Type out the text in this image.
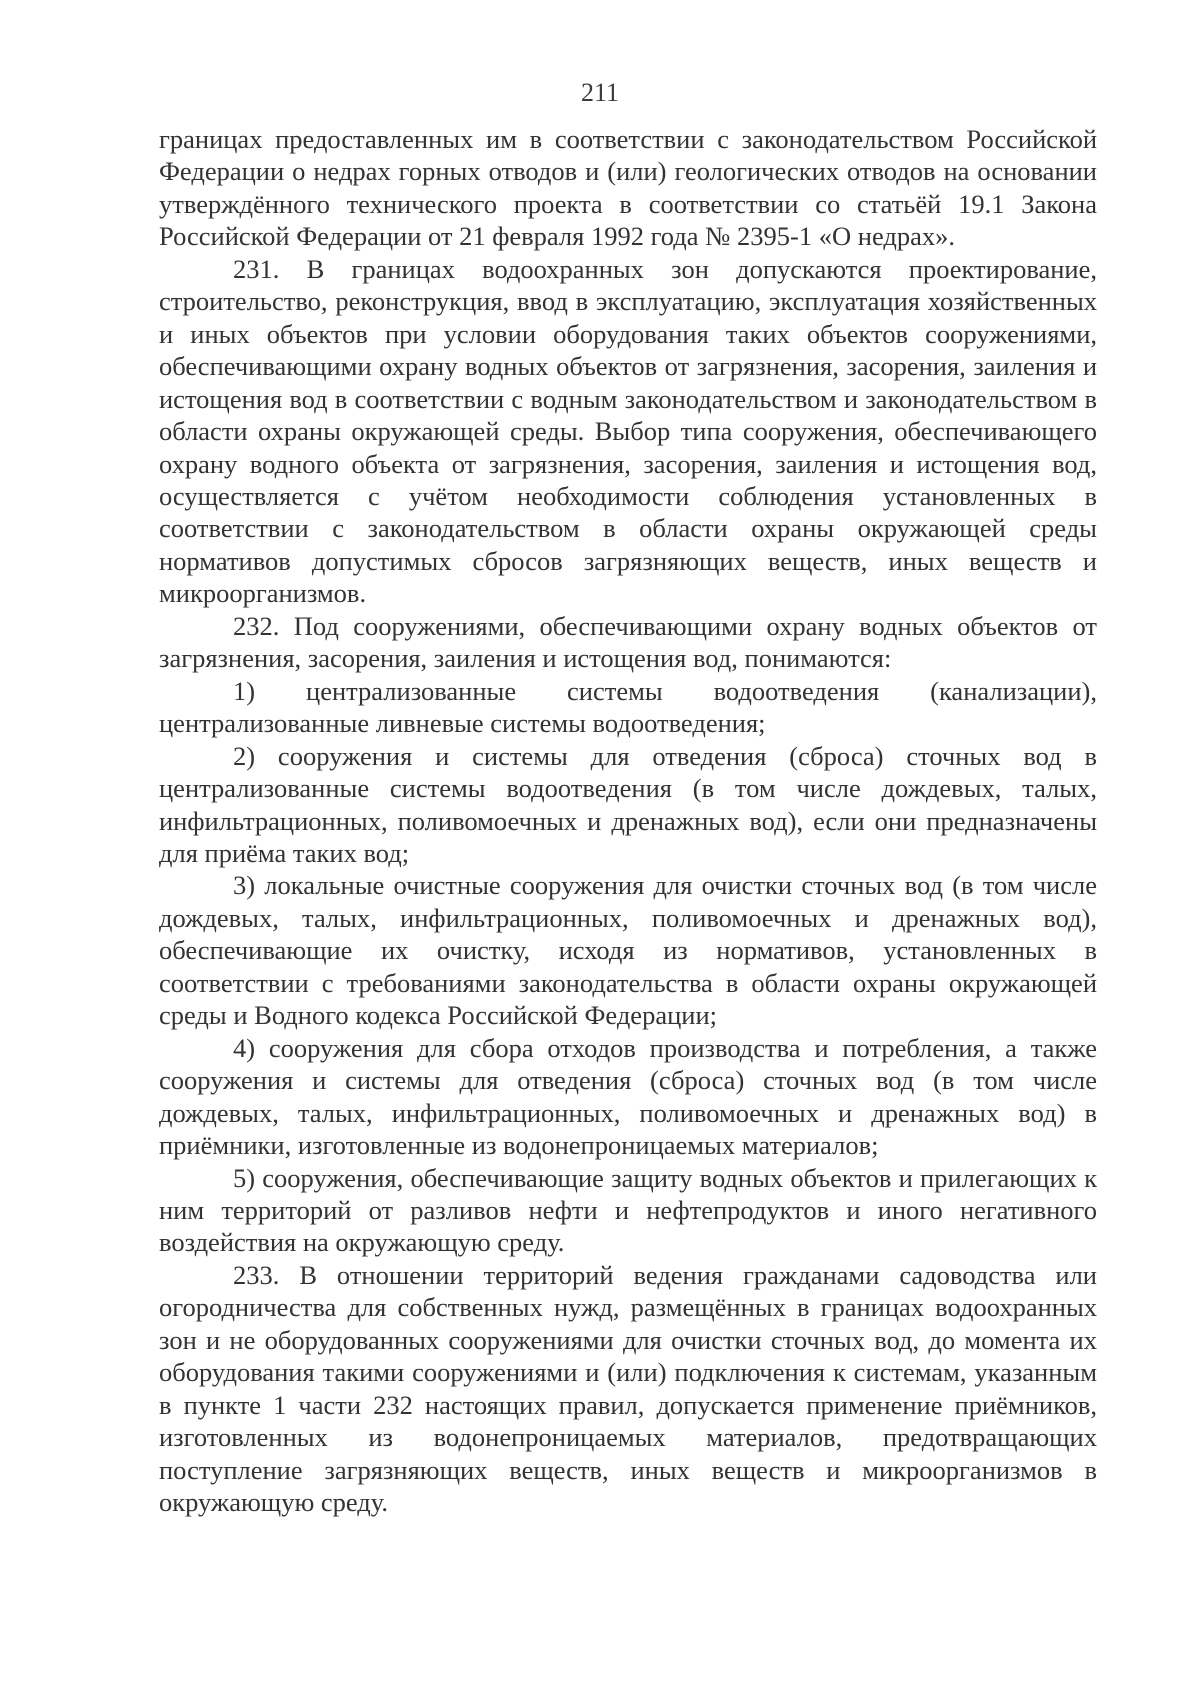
211

границах предоставленных им в соответствии с законодательством Российской Федерации о недрах горных отводов и (или) геологических отводов на основании утверждённого технического проекта в соответствии со статьёй 19.1 Закона Российской Федерации от 21 февраля 1992 года № 2395-1 «О недрах».

231. В границах водоохранных зон допускаются проектирование, строительство, реконструкция, ввод в эксплуатацию, эксплуатация хозяйственных и иных объектов при условии оборудования таких объектов сооружениями, обеспечивающими охрану водных объектов от загрязнения, засорения, заиления и истощения вод в соответствии с водным законодательством и законодательством в области охраны окружающей среды. Выбор типа сооружения, обеспечивающего охрану водного объекта от загрязнения, засорения, заиления и истощения вод, осуществляется с учётом необходимости соблюдения установленных в соответствии с законодательством в области охраны окружающей среды нормативов допустимых сбросов загрязняющих веществ, иных веществ и микроорганизмов.

232. Под сооружениями, обеспечивающими охрану водных объектов от загрязнения, засорения, заиления и истощения вод, понимаются:

1) централизованные системы водоотведения (канализации), централизованные ливневые системы водоотведения;

2) сооружения и системы для отведения (сброса) сточных вод в централизованные системы водоотведения (в том числе дождевых, талых, инфильтрационных, поливомоечных и дренажных вод), если они предназначены для приёма таких вод;

3) локальные очистные сооружения для очистки сточных вод (в том числе дождевых, талых, инфильтрационных, поливомоечных и дренажных вод), обеспечивающие их очистку, исходя из нормативов, установленных в соответствии с требованиями законодательства в области охраны окружающей среды и Водного кодекса Российской Федерации;

4) сооружения для сбора отходов производства и потребления, а также сооружения и системы для отведения (сброса) сточных вод (в том числе дождевых, талых, инфильтрационных, поливомоечных и дренажных вод) в приёмники, изготовленные из водонепроницаемых материалов;

5) сооружения, обеспечивающие защиту водных объектов и прилегающих к ним территорий от разливов нефти и нефтепродуктов и иного негативного воздействия на окружающую среду.

233. В отношении территорий ведения гражданами садоводства или огородничества для собственных нужд, размещённых в границах водоохранных зон и не оборудованных сооружениями для очистки сточных вод, до момента их оборудования такими сооружениями и (или) подключения к системам, указанным в пункте 1 части 232 настоящих правил, допускается применение приёмников, изготовленных из водонепроницаемых материалов, предотвращающих поступление загрязняющих веществ, иных веществ и микроорганизмов в окружающую среду.
